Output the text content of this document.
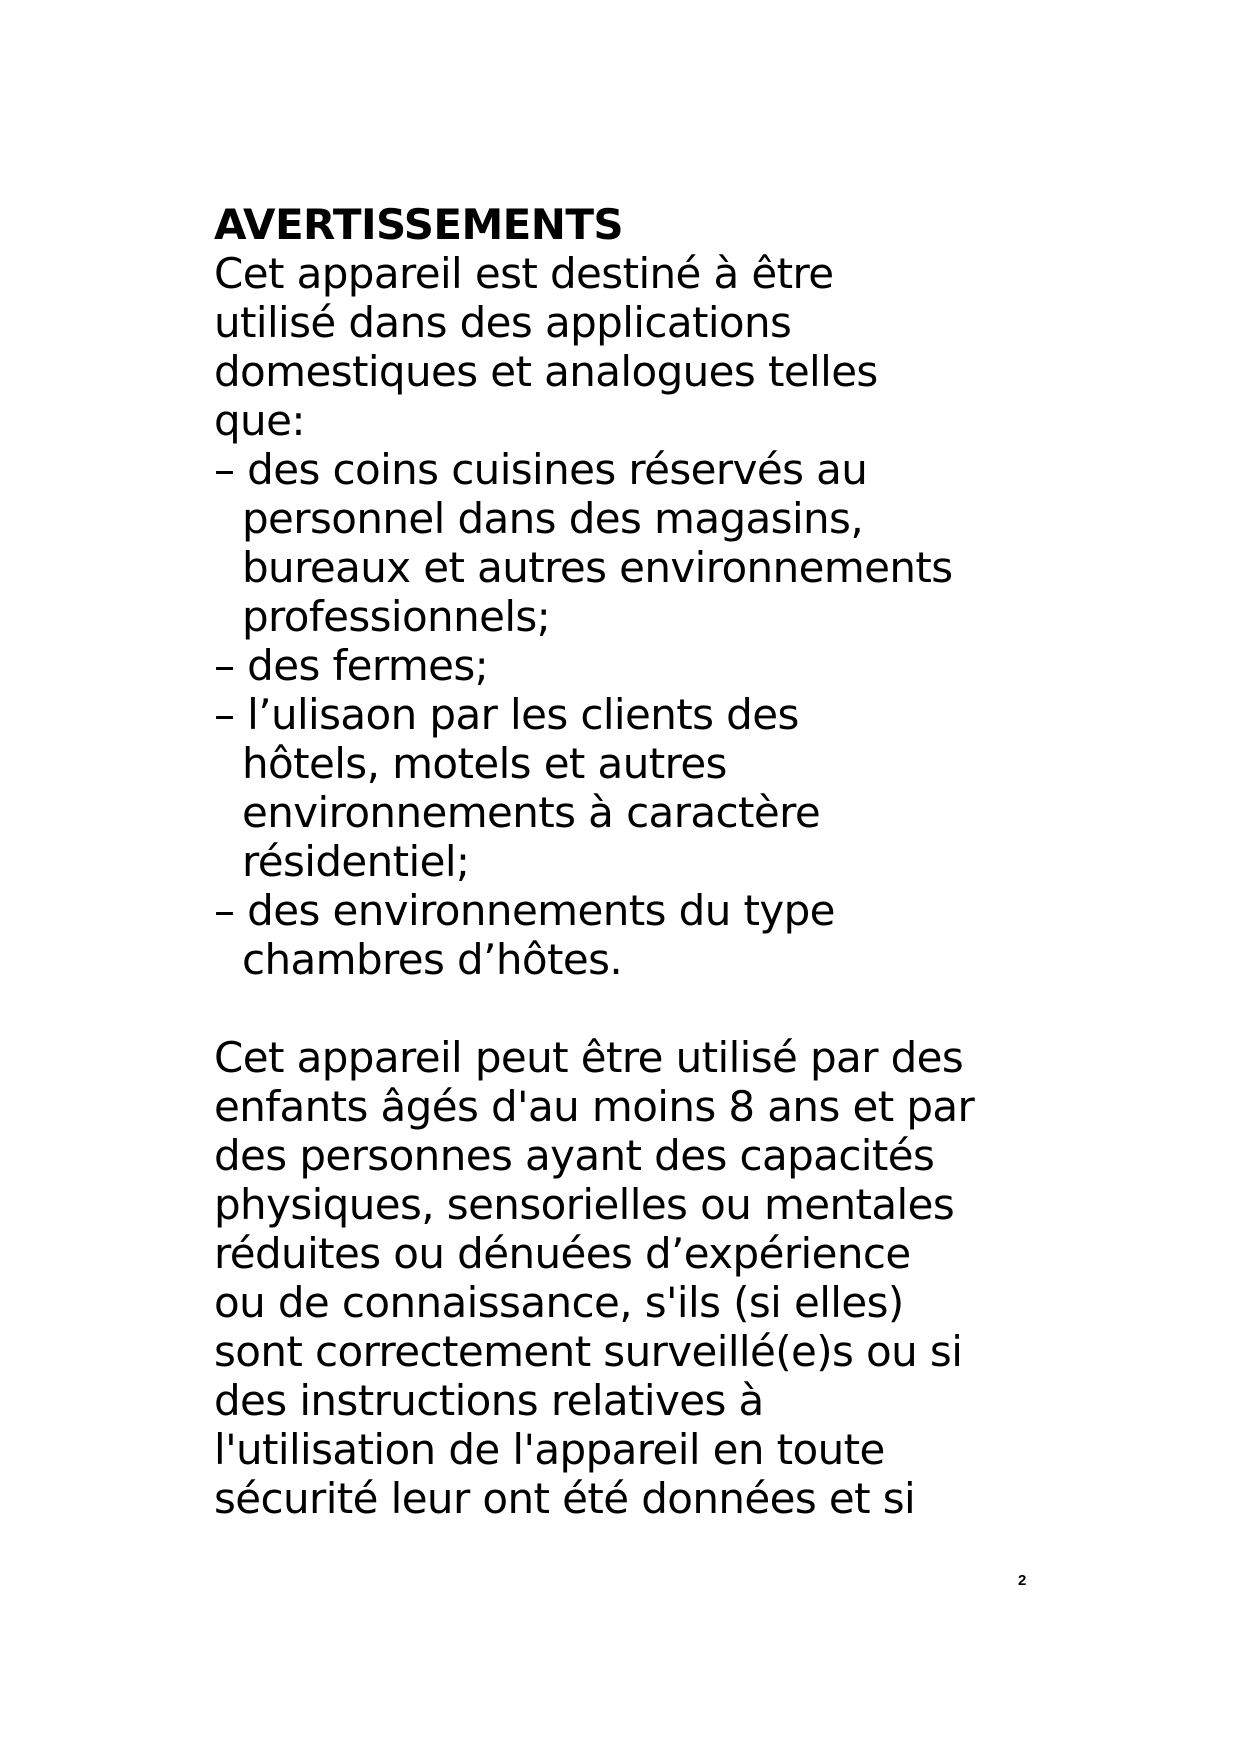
AVERTISSEMENTS
Cet appareil est destiné à être
utilisé dans des applications
domestiques et analogues telles
que:
– des coins cuisines réservés au
personnel dans des magasins,
bureaux et autres environnements
professionnels;
– des fermes;
– l’ulisaon par les clients des
hôtels, motels et autres
environnements à caractère
résidentiel;
– des environnements du type
chambres d’hôtes.
Cet appareil peut être utilisé par des
enfants âgés d'au moins 8 ans et par
des personnes ayant des capacités
physiques, sensorielles ou mentales
réduites ou dénuées d’expérience
ou de connaissance, s'ils (si elles)
sont correctement surveillé(e)s ou si
des instructions relatives à
l'utilisation de l'appareil en toute
sécurité leur ont été données et si
2
